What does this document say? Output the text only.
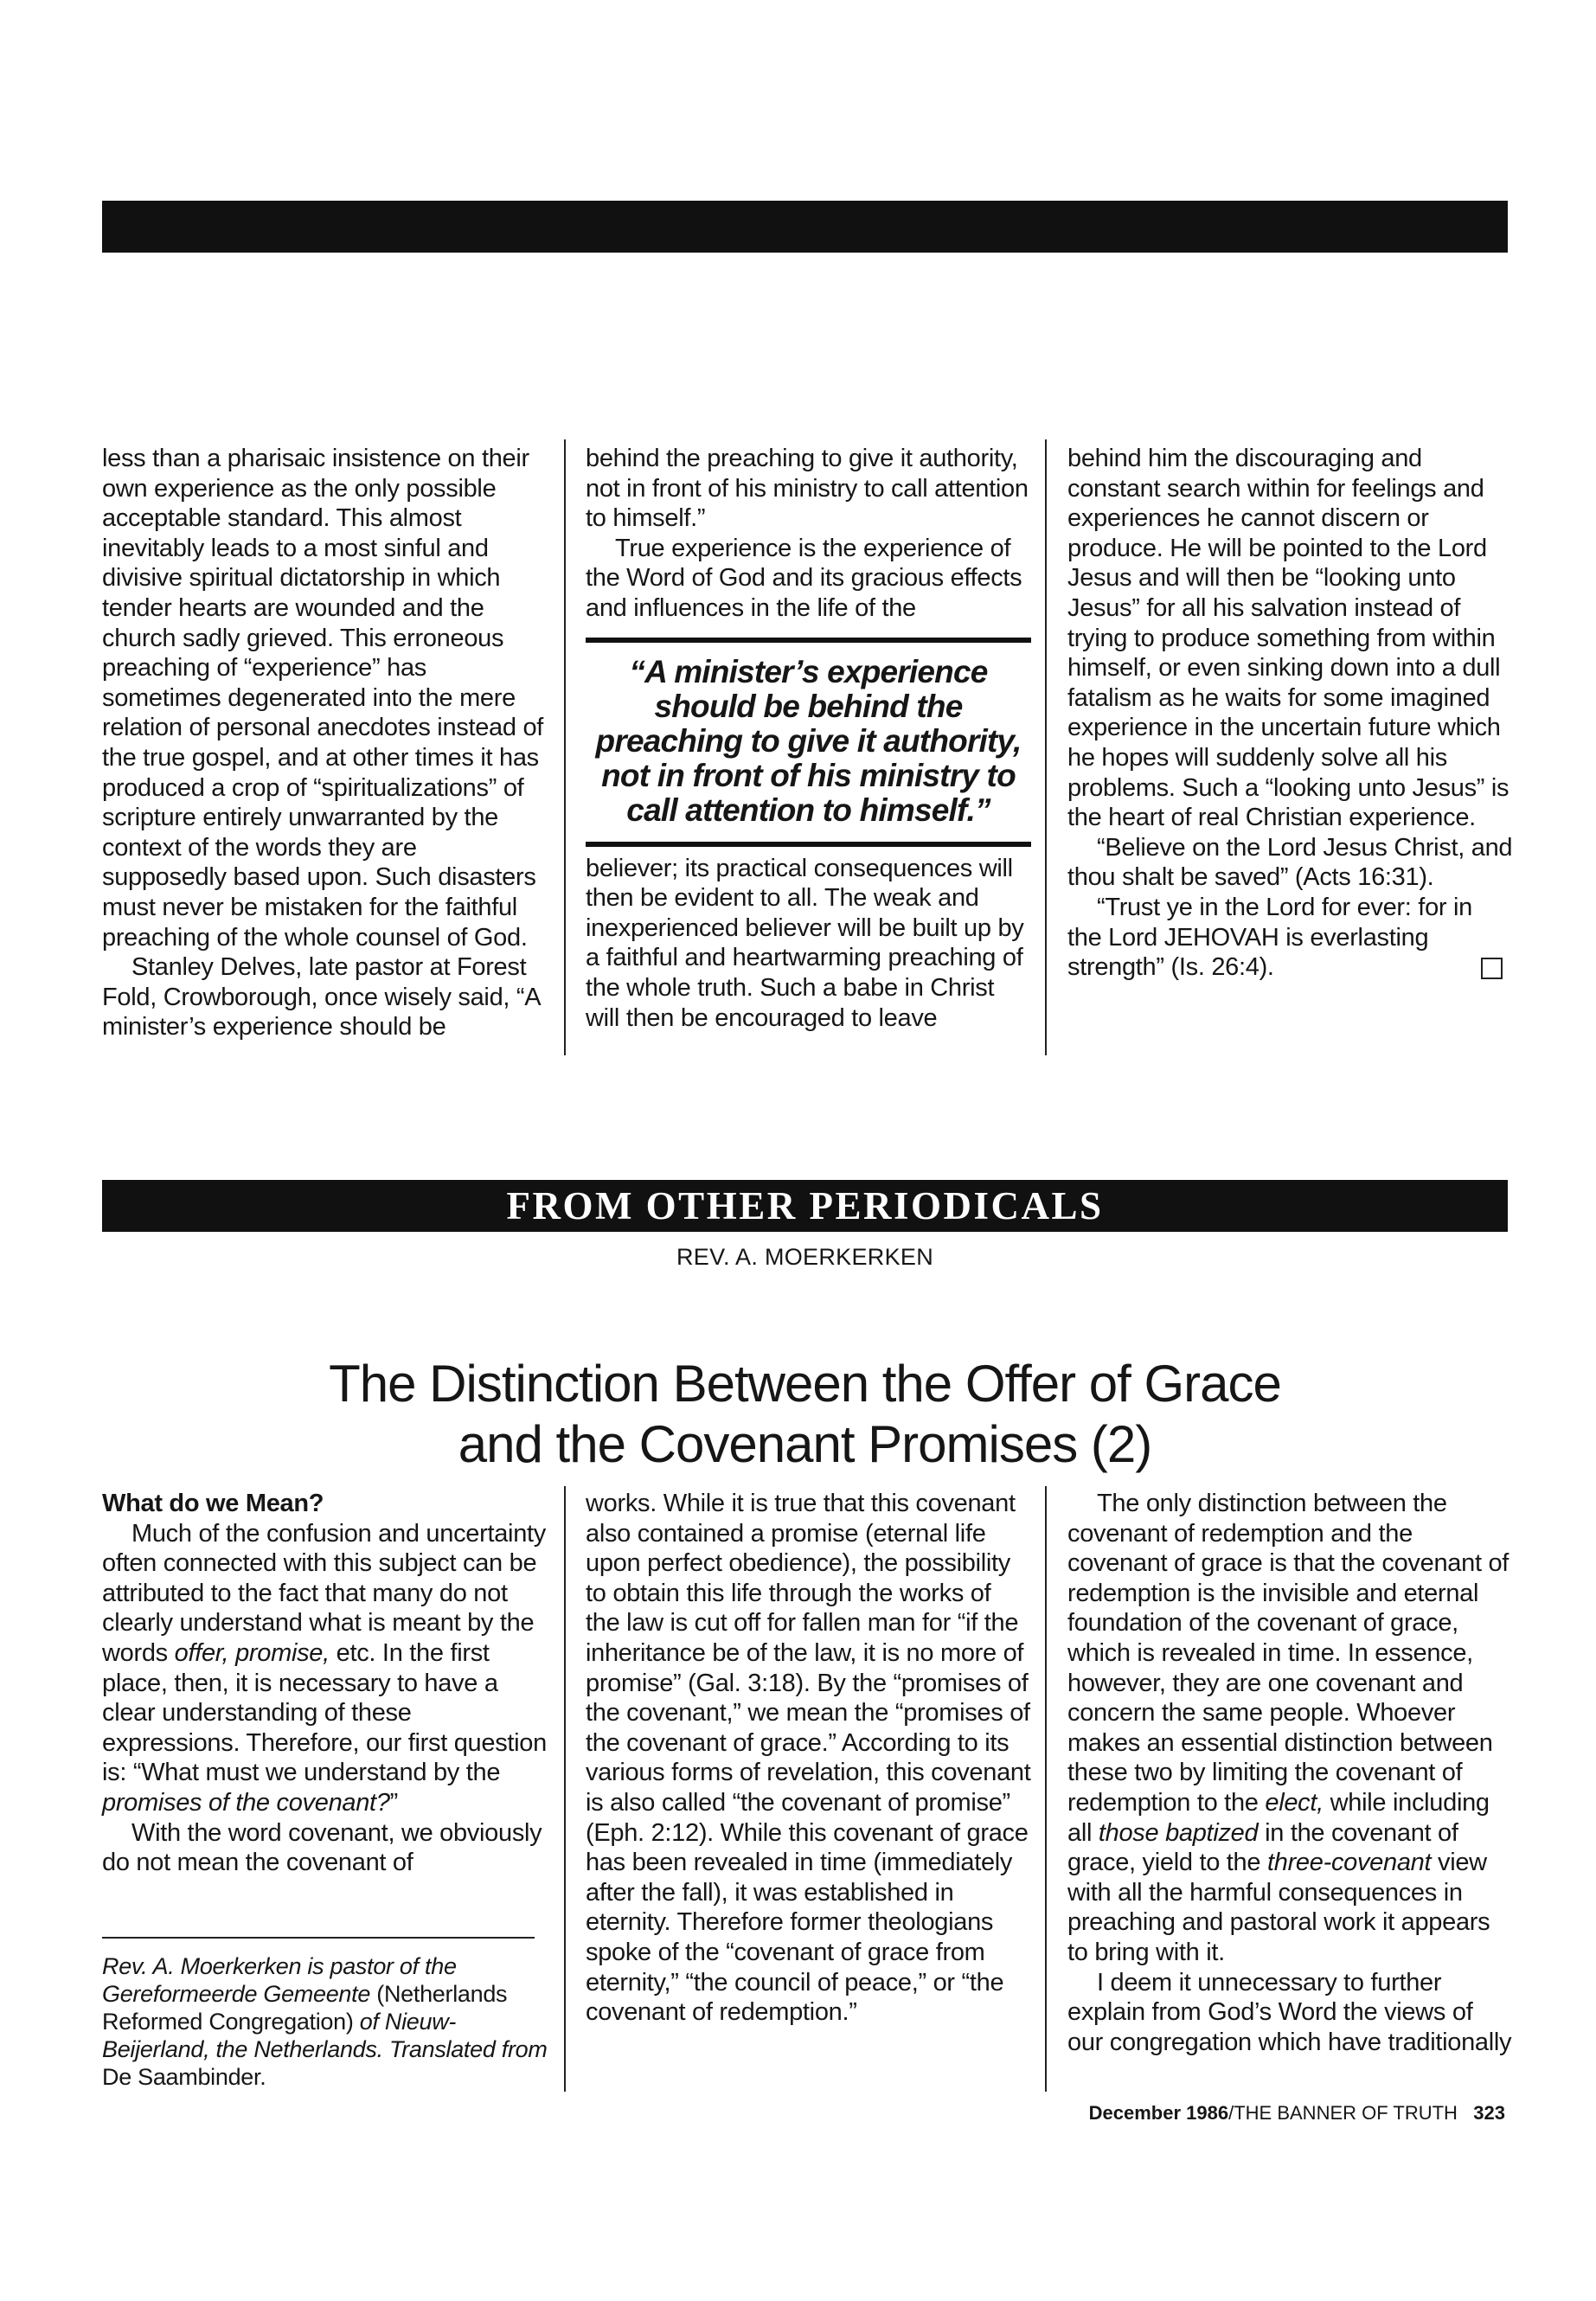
less than a pharisaic insistence on their own experience as the only possible acceptable standard. This almost inevitably leads to a most sinful and divisive spiritual dictatorship in which tender hearts are wounded and the church sadly grieved. This erroneous preaching of “experience” has sometimes degenerated into the mere relation of personal anecdotes instead of the true gospel, and at other times it has produced a crop of “spiritualizations” of scripture entirely unwarranted by the context of the words they are supposedly based upon. Such disasters must never be mistaken for the faithful preaching of the whole counsel of God.

Stanley Delves, late pastor at Forest Fold, Crowborough, once wisely said, “A minister’s experience should be

behind the preaching to give it authority, not in front of his ministry to call attention to himself.”

True experience is the experience of the Word of God and its gracious effects and influences in the life of the

“A minister’s experience should be behind the preaching to give it authority, not in front of his ministry to call attention to himself.”

believer; its practical consequences will then be evident to all. The weak and inexperienced believer will be built up by a faithful and heartwarming preaching of the whole truth. Such a babe in Christ will then be encouraged to leave

behind him the discouraging and constant search within for feelings and experiences he cannot discern or produce. He will be pointed to the Lord Jesus and will then be “looking unto Jesus” for all his salvation instead of trying to produce something from within himself, or even sinking down into a dull fatalism as he waits for some imagined experience in the uncertain future which he hopes will suddenly solve all his problems. Such a “looking unto Jesus” is the heart of real Christian experience.

“Believe on the Lord Jesus Christ, and thou shalt be saved” (Acts 16:31).

“Trust ye in the Lord for ever: for in the Lord JEHOVAH is everlasting strength” (Is. 26:4).

FROM OTHER PERIODICALS
REV. A. MOERKERKEN
The Distinction Between the Offer of Grace
and the Covenant Promises (2)

What do we Mean?

Much of the confusion and uncertainty often connected with this subject can be attributed to the fact that many do not clearly understand what is meant by the words offer, promise, etc. In the first place, then, it is necessary to have a clear understanding of these expressions. Therefore, our first question is: “What must we understand by the promises of the covenant?”

With the word covenant, we obviously do not mean the covenant of

Rev. A. Moerkerken is pastor of the Gereformeerde Gemeente (Netherlands Reformed Congregation) of Nieuw-Beijerland, the Netherlands. Translated from De Saambinder.

works. While it is true that this covenant also contained a promise (eternal life upon perfect obedience), the possibility to obtain this life through the works of the law is cut off for fallen man for “if the inheritance be of the law, it is no more of promise” (Gal. 3:18). By the “promises of the covenant,” we mean the “promises of the covenant of grace.” According to its various forms of revelation, this covenant is also called “the covenant of promise” (Eph. 2:12). While this covenant of grace has been revealed in time (immediately after the fall), it was established in eternity. Therefore former theologians spoke of the “covenant of grace from eternity,” “the council of peace,” or “the covenant of redemption.”

The only distinction between the covenant of redemption and the covenant of grace is that the covenant of redemption is the invisible and eternal foundation of the covenant of grace, which is revealed in time. In essence, however, they are one covenant and concern the same people. Whoever makes an essential distinction between these two by limiting the covenant of redemption to the elect, while including all those baptized in the covenant of grace, yield to the three-covenant view with all the harmful consequences in preaching and pastoral work it appears to bring with it.

I deem it unnecessary to further explain from God’s Word the views of our congregation which have traditionally

December 1986/THE BANNER OF TRUTH 323
